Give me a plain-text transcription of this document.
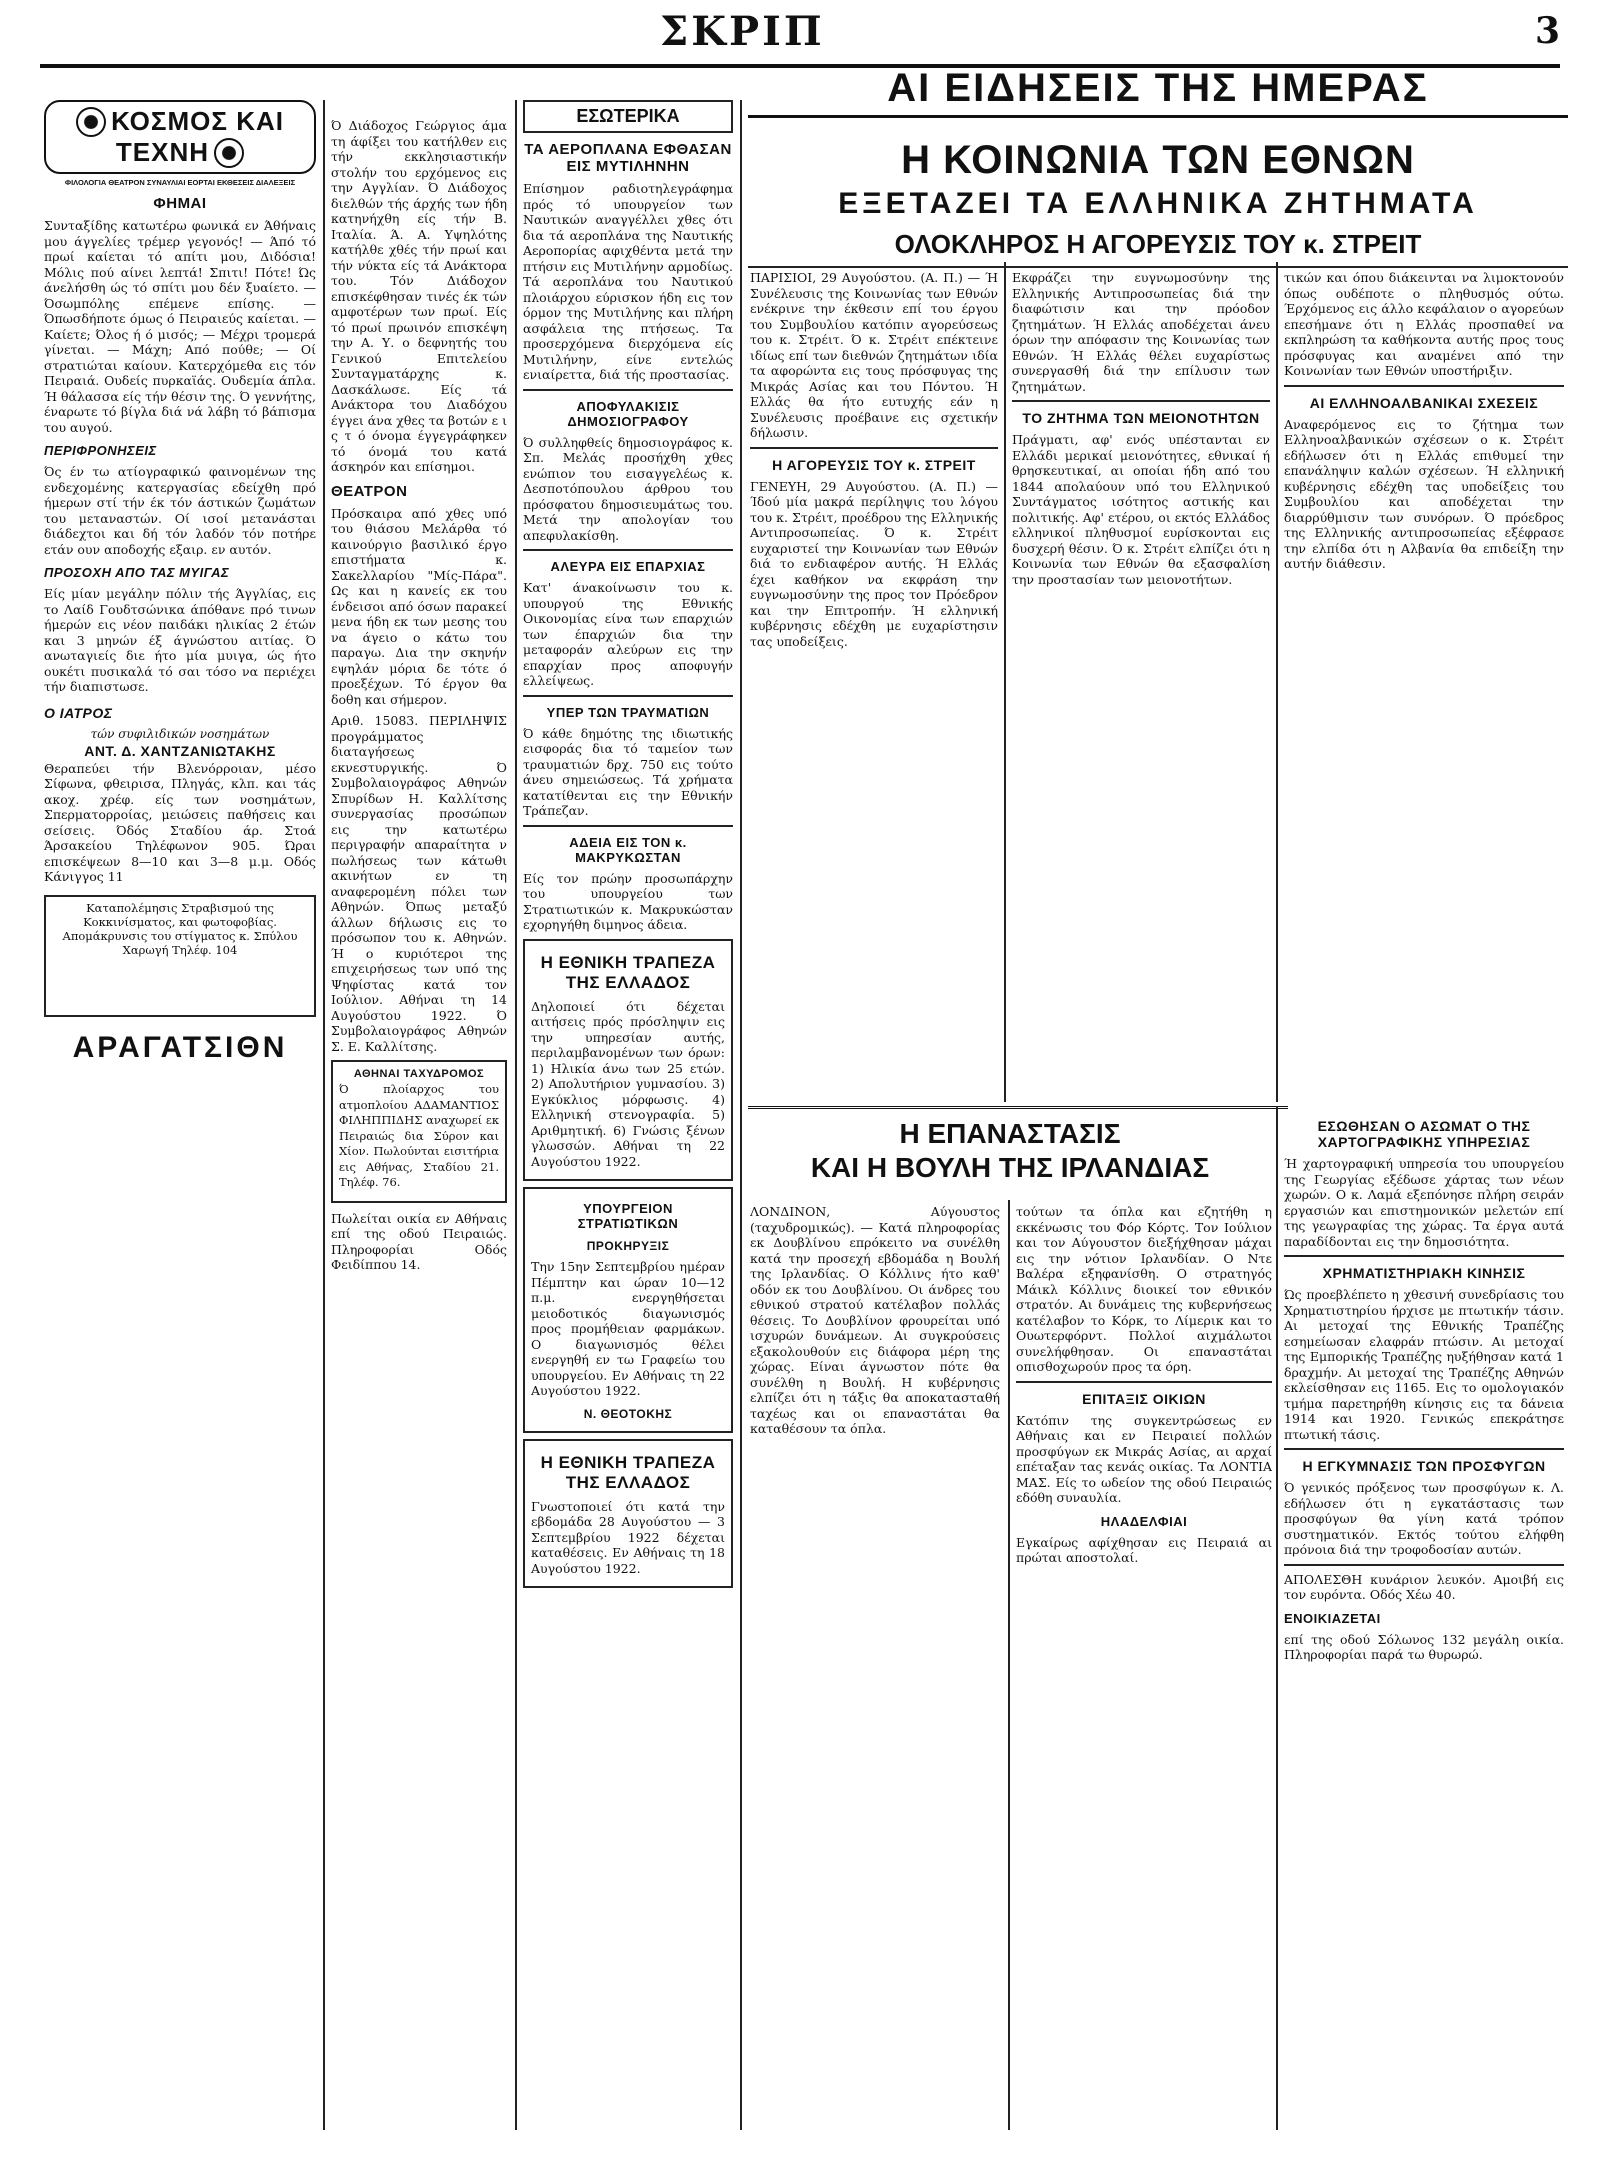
ΣΚΡΙΠ	3
ΚΟΣΜΟΣ ΚΑΙ ΤΕΧΝΗ
ΦΙΛΟΛΟΓΙΑ ΘΕΑΤΡΟΝ ΣΥΝΑΥΛΙΑΙ ΕΟΡΤΑΙ ΕΚΘΕΣΕΙΣ ΔΙΑΛΕΞΕΙΣ
ΦΗΜΑΙ

Συνταξίδης κατωτέρω φωνικά εν Άθήναις μου άγγελίες τρέμερ γεγονός! — Άπό τό πρωί καίεται τό απίτι μου, Διδόσια! Μόλις πού αίνει λεπτά! Σπιτι! Πότε! Ώς άνελήσθη ώς τό σπίτι μου δέν ξυαίετο. — Όσωμπόλης επέμενε επίσης. — Όπωσδήποτε όμως ό Πειραιεύς καίεται. — Καίετε; Όλος ή ό μισός; — Μέχρι τρομερά γίνεται. — Μάχη; Από πούθε; — Οί στρατιώται καίουν. Κατερχόμεθα εις τόν Πειραιά. Ουδείς πυρκαϊάς. Ουδεμία άπλα. Ή θάλασσα είς τήν θέσιν της. Ό γεννήτης, έναρωτε τό βίγλα διά νά λάβη τό βάπισμα του αυγού.

ΠΕΡΙΦΡΟΝΗΣΕΙΣ

Ός έν τω ατίογραφικώ φαινομένων της ενδεχομένης κατεργασίας εδείχθη πρό ήμερων στί τήν έκ τόν άστικών ζωμάτων του μεταναστών. Οί ισοί μετανάσται διάδεχτοι και δή τόν λαδόν τόν ποτήρε ετάν ουν αποδοχής εξαιρ. εν αυτόν.

ΠΡΟΣΟΧΗ ΑΠΟ ΤΑΣ ΜΥΙΓΑΣ

Είς μίαν μεγάλην πόλιν τής Άγγλίας, εις το Λαίδ Γουδτσώνικα άπόθανε πρό τινων ήμερών εις νέον παιδάκι ηλικίας 2 έτών και 3 μηνών έξ άγνώστου αιτίας. Ό ανωταγιείς διε ήτο μία μυιγα, ώς ήτο ουκέτι πυσικαλά τό σαι τόσο να περιέχει τήν διαπιστωσε.

Ο ΙΑΤΡΟΣ
τών συφιλιδικών νοσημάτων
ΑΝΤ. Δ. ΧΑΝΤΖΑΝΙΩΤΑΚΗΣ

Θεραπεύει τήν Βλενόρροιαν, μέσο Σίφωνα, φθειρισα, Πληγάς, κλπ. και τάς ακοχ. χρέφ. είς των νοσημάτων, Σπερματορροίας, μειώσεις παθήσεις και σείσεις. Όδός Σταδίου άρ. Στοά Άρσακείου Τηλέφωνον 905. Ώραι επισκέψεων 8—10 και 3—8 μ.μ. Οδός Κάνιγγος 11

Καταπολέμησις Στραβισμού της Κοκκινίσματος, και φωτοφοβίας. Απομάκρυνσις του στίγματος κ. Σπύλου Χαρωγή Τηλέφ. 104
ΑΡΑΓΑΤΣΙΘΝ

Ό Διάδοχος Γεώργιος άμα τη άφίξει του κατήλθεν εις τήν εκκλησιαστικήν στολήν του ερχόμενος εις την Αγγλίαν. Ό Διάδοχος διελθών τής άρχής των ήδη κατηνήχθη είς τήν Β. Ιταλία. Ά. Α. Υψηλότης κατήλθε χθές τήν πρωί και τήν νύκτα είς τά Ανάκτορα του. Τόν Διάδοχον επισκέφθησαν τινές έκ τών αμφοτέρων των πρωί. Είς τό πρωί πρωινόν επισκέψη την Α. Υ. ο δεφνητής του Γενικού Επιτελείου Συνταγματάρχης κ. Δασκάλωσε. Είς τά Ανάκτορα του Διαδόχου έγγει άνα χθες τα βοτών ε ι ς τ ό όνομα έγγεγράφηκεν τό όνομά του κατά άσκηρόν και επίσημοι.

ΘΕΑΤΡΟΝ

Πρόσκαιρα από χθες υπό του θιάσου Μελάρθα τό καινούργιο βασιλικό έργο επιστήματα κ. Σακελλαρίου "Μίς-Πάρα". Ως και η κανείς εκ του ένδεισοι από όσων παρακεί μενα ήδη εκ των μεσης του να άγειο ο κάτω του παραγω. Δια την σκηνήν εψηλάν μόρια δε τότε ό προεξέχων. Τό έργον θα δοθη και σήμερον.

Αριθ. 15083. ΠΕΡΙΛΗΨΙΣ προγράμματος διαταγήσεως εκνεστυργικής. Ό Συμβολαιογράφος Αθηνών Σπυρίδων Η. Καλλίτσης συνεργασίας προσώπων εις την κατωτέρω περιγραφήν απαραίτητα ν πωλήσεως των κάτωθι ακινήτων εν τη αναφερομένη πόλει των Αθηνών. Όπως μεταξύ άλλων δήλωσις εις το πρόσωπον του κ. Αθηνών. Ή ο κυριότεροι της επιχειρήσεως των υπό της Ψηφίστας κατά τον Ιούλιον. Αθήναι τη 14 Αυγούστου 1922. Ό Συμβολαιογράφος Αθηνών Σ. Ε. Καλλίτσης.

ΑΘΗΝΑΙ ΤΑΧΥΔΡΟΜΟΣ

Ό πλοίαρχος του ατμοπλοίου ΑΔΑΜΑΝΤΙΟΣ ΦΙΛΗΠΠΙΔΗΣ αναχωρεί εκ Πειραιώς δια Σύρον και Χίον. Πωλούνται εισιτήρια εις Αθήνας, Σταδίου 21. Τηλέφ. 76.

Πωλείται οικία εν Αθήναις επί της οδού Πειραιώς. Πληροφορίαι Οδός Φειδίππου 14.

ΕΣΩΤΕΡΙΚΑ
ΤΑ ΑΕΡΟΠΛΑΝΑ ΕΦΘΑΣΑΝ ΕΙΣ ΜΥΤΙΛΗΝΗΝ

Επίσημον ραδιοτηλεγράφημα πρός τό υπουργείον των Ναυτικών αναγγέλλει χθες ότι δια τά αεροπλάνα της Ναυτικής Αεροπορίας αφιχθέντα μετά την πτήσιν εις Μυτιλήνην αρμοδίως. Τά αεροπλάνα του Ναυτικού πλοιάρχου εύρισκον ήδη εις τον όρμον της Μυτιλήνης και πλήρη ασφάλεια της πτήσεως. Τα προσερχόμενα διερχόμενα είς Μυτιλήνην, είνε εντελώς ενιαίρεττα, διά τής προστασίας.

ΑΠΟΦΥΛΑΚΙΣΙΣ ΔΗΜΟΣΙΟΓΡΑΦΟΥ

Ό συλληφθείς δημοσιογράφος κ. Σπ. Μελάς προσήχθη χθες ενώπιον του εισαγγελέως κ. Δεσποτόπουλου άρθρου του πρόσφατου δημοσιευμάτως του. Μετά την απολογίαν του απεφυλακίσθη.

ΑΛΕΥΡΑ ΕΙΣ ΕΠΑΡΧΙΑΣ

Κατ' άνακοίνωσιν του κ. υπουργού της Εθνικής Οικονομίας είνα των επαρχιών των έπαρχιών δια την μεταφοράν αλεύρων εις την επαρχίαν προς αποφυγήν ελλείψεως.

ΥΠΕΡ ΤΩΝ ΤΡΑΥΜΑΤΙΩΝ

Ό κάθε δημότης της ιδιωτικής εισφοράς δια τό ταμείον των τραυματιών δρχ. 750 εις τούτο άνευ σημειώσεως. Τά χρήματα κατατίθενται εις την Εθνικήν Τράπεζαν.

ΑΔΕΙΑ ΕΙΣ ΤΟΝ κ. ΜΑΚΡΥΚΩΣΤΑΝ

Είς τον πρώην προσωπάρχην του υπουργείου των Στρατιωτικών κ. Μακρυκώσταν εχορηγήθη διμηνος άδεια.

Η ΕΘΝΙΚΗ ΤΡΑΠΕΖΑ ΤΗΣ ΕΛΛΑΔΟΣ

Δηλοποιεί ότι δέχεται αιτήσεις πρός πρόσληψιν εις την υπηρεσίαν αυτής, περιλαμβανομένων των όρων: 1) Ηλικία άνω των 25 ετών. 2) Απολυτήριον γυμνασίου. 3) Εγκύκλιος μόρφωσις. 4) Ελληνική στενογραφία. 5) Αριθμητική. 6) Γνώσις ξένων γλωσσών. Αθήναι τη 22 Αυγούστου 1922.

ΥΠΟΥΡΓΕΙΟΝ ΣΤΡΑΤΙΩΤΙΚΩΝ
ΠΡΟΚΗΡΥΞΙΣ

Την 15ην Σεπτεμβρίου ημέραν Πέμπτην και ώραν 10—12 π.μ. ενεργηθήσεται μειοδοτικός διαγωνισμός προς προμήθειαν φαρμάκων. Ο διαγωνισμός θέλει ενεργηθή εν τω Γραφείω του υπουργείου. Εν Αθήναις τη 22 Αυγούστου 1922.

Ν. ΘΕΟΤΟΚΗΣ
Η ΕΘΝΙΚΗ ΤΡΑΠΕΖΑ ΤΗΣ ΕΛΛΑΔΟΣ

Γνωστοποιεί ότι κατά την εβδομάδα 28 Αυγούστου — 3 Σεπτεμβρίου 1922 δέχεται καταθέσεις. Εν Αθήναις τη 18 Αυγούστου 1922.

ΑΙ ΕΙΔΗΣΕΙΣ ΤΗΣ ΗΜΕΡΑΣ
Η ΚΟΙΝΩΝΙΑ ΤΩΝ ΕΘΝΩΝ
ΕΞΕΤΑΖΕΙ ΤΑ ΕΛΛΗΝΙΚΑ ΖΗΤΗΜΑΤΑ
ΟΛΟΚΛΗΡΟΣ Η ΑΓΟΡΕΥΣΙΣ ΤΟΥ κ. ΣΤΡΕΙΤ

ΠΑΡΙΣΙΟΙ, 29 Αυγούστου. (Α. Π.) — Ή Συνέλευσις της Κοινωνίας των Εθνών ενέκρινε την έκθεσιν επί του έργου του Συμβουλίου κατόπιν αγορεύσεως του κ. Στρέιτ. Ό κ. Στρέιτ επέκτεινε ιδίως επί των διεθνών ζητημάτων ιδία τα αφορώντα εις τους πρόσφυγας της Μικράς Ασίας και του Πόντου. Ή Ελλάς θα ήτο ευτυχής εάν η Συνέλευσις προέβαινε εις σχετικήν δήλωσιν.

Η ΑΓΟΡΕΥΣΙΣ ΤΟΥ κ. ΣΤΡΕΙΤ

ΓΕΝΕΥΗ, 29 Αυγούστου. (Α. Π.) — Ίδού μία μακρά περίληψις του λόγου του κ. Στρέιτ, προέδρου της Ελληνικής Αντιπροσωπείας. Ό κ. Στρέιτ ευχαριστεί την Κοινωνίαν των Εθνών διά το ενδιαφέρον αυτής. Ή Ελλάς έχει καθήκον να εκφράση την ευγνωμοσύνην της προς τον Πρόεδρον και την Επιτροπήν. Ή ελληνική κυβέρνησις εδέχθη με ευχαρίστησιν τας υποδείξεις.

Εκφράζει την ευγνωμοσύνην της Ελληνικής Αντιπροσωπείας διά την διαφώτισιν και την πρόοδον ζητημάτων. Ή Ελλάς αποδέχεται άνευ όρων την απόφασιν της Κοινωνίας των Εθνών. Ή Ελλάς θέλει ευχαρίστως συνεργασθή διά την επίλυσιν των ζητημάτων.

ΤΟ ΖΗΤΗΜΑ ΤΩΝ ΜΕΙΟΝΟΤΗΤΩΝ

Πράγματι, αφ' ενός υπέστανται εν Ελλάδι μερικαί μειονότητες, εθνικαί ή θρησκευτικαί, αι οποίαι ήδη από του 1844 απολαύουν υπό του Ελληνικού Συντάγματος ισότητος αστικής και πολιτικής. Αφ' ετέρου, οι εκτός Ελλάδος ελληνικοί πληθυσμοί ευρίσκονται εις δυσχερή θέσιν. Ό κ. Στρέιτ ελπίζει ότι η Κοινωνία των Εθνών θα εξασφαλίση την προστασίαν των μειονοτήτων.

τικών και όπου διάκεινται να λιμοκτονούν όπως ουδέποτε ο πληθυσμός ούτω. Έρχόμενος εις άλλο κεφάλαιον ο αγορεύων επεσήμανε ότι η Ελλάς προσπαθεί να εκπληρώση τα καθήκοντα αυτής προς τους πρόσφυγας και αναμένει από την Κοινωνίαν των Εθνών υποστήριξιν.

ΑΙ ΕΛΛΗΝΟΑΛΒΑΝΙΚΑΙ ΣΧΕΣΕΙΣ

Αναφερόμενος εις το ζήτημα των Ελληνοαλβανικών σχέσεων ο κ. Στρέιτ εδήλωσεν ότι η Ελλάς επιθυμεί την επανάληψιν καλών σχέσεων. Ή ελληνική κυβέρνησις εδέχθη τας υποδείξεις του Συμβουλίου και αποδέχεται την διαρρύθμισιν των συνόρων. Ό πρόεδρος της Ελληνικής αντιπροσωπείας εξέφρασε την ελπίδα ότι η Αλβανία θα επιδείξη την αυτήν διάθεσιν.

Η ΕΠΑΝΑΣΤΑΣΙΣ
ΚΑΙ Η ΒΟΥΛΗ ΤΗΣ ΙΡΛΑΝΔΙΑΣ

ΛΟΝΔΙΝΟΝ, Αύγουστος (ταχυδρομικώς). — Κατά πληροφορίας εκ Δουβλίνου επρόκειτο να συνέλθη κατά την προσεχή εβδομάδα η Βουλή της Ιρλανδίας. Ο Κόλλινς ήτο καθ' οδόν εκ του Δουβλίνου. Οι άνδρες του εθνικού στρατού κατέλαβον πολλάς θέσεις. Το Δουβλίνον φρουρείται υπό ισχυρών δυνάμεων. Αι συγκρούσεις εξακολουθούν εις διάφορα μέρη της χώρας. Είναι άγνωστον πότε θα συνέλθη η Βουλή. Η κυβέρνησις ελπίζει ότι η τάξις θα αποκατασταθή ταχέως και οι επαναστάται θα καταθέσουν τα όπλα.

τούτων τα όπλα και εζητήθη η εκκένωσις του Φόρ Κόρτς. Τον Ιούλιον και τον Αύγουστον διεξήχθησαν μάχαι εις την νότιον Ιρλανδίαν. Ο Ντε Βαλέρα εξηφανίσθη. Ο στρατηγός Μάικλ Κόλλινς διοικεί τον εθνικόν στρατόν. Αι δυνάμεις της κυβερνήσεως κατέλαβον το Κόρκ, το Λίμερικ και το Ουωτερφόρντ. Πολλοί αιχμάλωτοι συνελήφθησαν. Οι επαναστάται οπισθοχωρούν προς τα όρη.

ΕΠΙΤΑΞΙΣ ΟΙΚΙΩΝ

Κατόπιν της συγκεντρώσεως εν Αθήναις και εν Πειραιεί πολλών προσφύγων εκ Μικράς Ασίας, αι αρχαί επέταξαν τας κενάς οικίας. Τα ΛΟΝΤΙΑ ΜΑΣ. Είς το ωδείον της οδού Πειραιώς εδόθη συναυλία.

ΗΛΑΔΕΛΦΙΑΙ

Εγκαίρως αφίχθησαν εις Πειραιά αι πρώται αποστολαί.

ΕΣΩΘΗΣΑΝ Ο ΑΣΩΜΑΤ Ο ΤΗΣ ΧΑΡΤΟΓΡΑΦΙΚΗΣ ΥΠΗΡΕΣΙΑΣ

Ή χαρτογραφική υπηρεσία του υπουργείου της Γεωργίας εξέδωσε χάρτας των νέων χωρών. Ο κ. Λαμά εξεπόνησε πλήρη σειράν εργασιών και επιστημονικών μελετών επί της γεωγραφίας της χώρας. Τα έργα αυτά παραδίδονται εις την δημοσιότητα.

ΧΡΗΜΑΤΙΣΤΗΡΙΑΚΗ ΚΙΝΗΣΙΣ

Ώς προεβλέπετο η χθεσινή συνεδρίασις του Χρηματιστηρίου ήρχισε με πτωτικήν τάσιν. Αι μετοχαί της Εθνικής Τραπέζης εσημείωσαν ελαφράν πτώσιν. Αι μετοχαί της Εμπορικής Τραπέζης ηυξήθησαν κατά 1 δραχμήν. Αι μετοχαί της Τραπέζης Αθηνών εκλείσθησαν εις 1165. Εις το ομολογιακόν τμήμα παρετηρήθη κίνησις εις τα δάνεια 1914 και 1920. Γενικώς επεκράτησε πτωτική τάσις.

Η ΕΓΚΥΜΝΑΣΙΣ ΤΩΝ ΠΡΟΣΦΥΓΩΝ

Ό γενικός πρόξενος των προσφύγων κ. Λ. εδήλωσεν ότι η εγκατάστασις των προσφύγων θα γίνη κατά τρόπον συστηματικόν. Εκτός τούτου ελήφθη πρόνοια διά την τροφοδοσίαν αυτών.

ΑΠΟΛΕΣΘΗ κυνάριον λευκόν. Αμοιβή εις τον ευρόντα. Οδός Χέω 40.

ΕΝΟΙΚΙΑΖΕΤΑΙ

επί της οδού Σόλωνος 132 μεγάλη οικία. Πληροφορίαι παρά τω θυρωρώ.
